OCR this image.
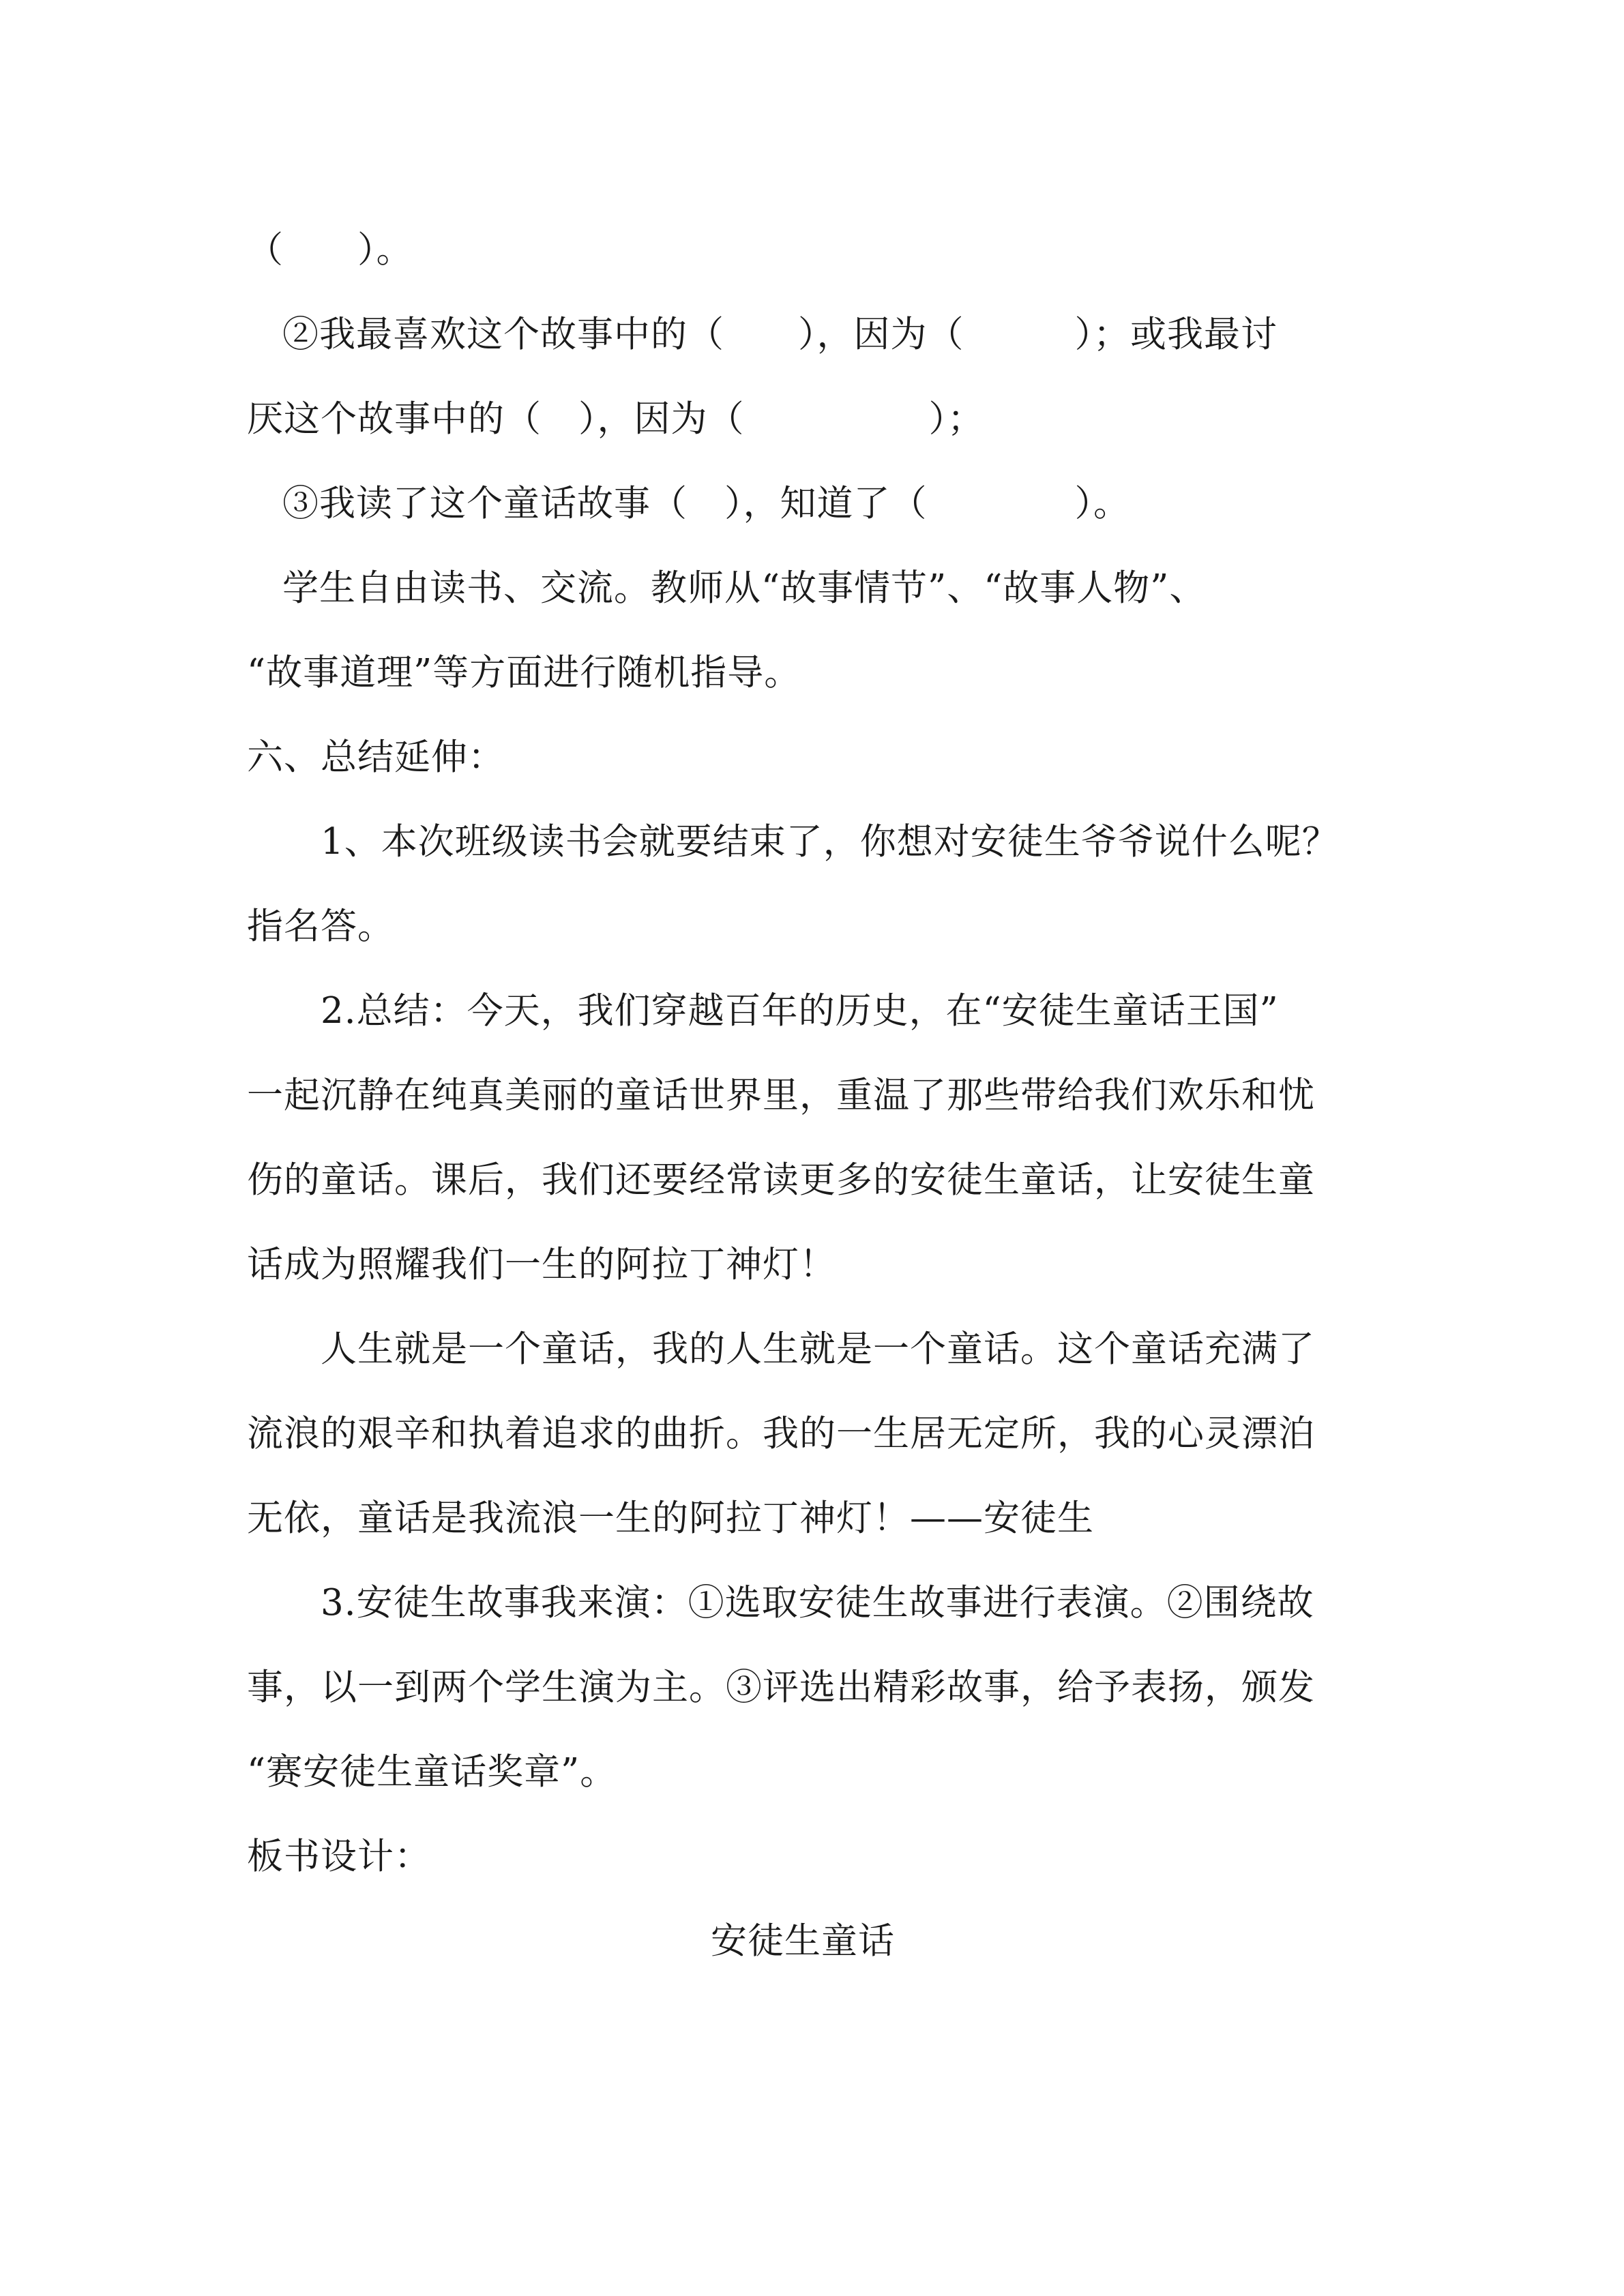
（　　）。
②我最喜欢这个故事中的（　　），因为（　　　）；或我最讨
厌这个故事中的（　），因为（　　　　　）；
③我读了这个童话故事（　），知道了（　　　　）。
学生自由读书、交流。教师从“故事情节”、“故事人物”、
“故事道理”等方面进行随机指导。
六、总结延伸：
1、本次班级读书会就要结束了，你想对安徒生爷爷说什么呢？
指名答。
2.总结：今天，我们穿越百年的历史，在“安徒生童话王国”
一起沉静在纯真美丽的童话世界里，重温了那些带给我们欢乐和忧
伤的童话。课后，我们还要经常读更多的安徒生童话，让安徒生童
话成为照耀我们一生的阿拉丁神灯！
人生就是一个童话，我的人生就是一个童话。这个童话充满了
流浪的艰辛和执着追求的曲折。我的一生居无定所，我的心灵漂泊
无依，童话是我流浪一生的阿拉丁神灯！——安徒生
3.安徒生故事我来演：①选取安徒生故事进行表演。②围绕故
事，以一到两个学生演为主。③评选出精彩故事，给予表扬，颁发
“赛安徒生童话奖章”。
板书设计：
安徒生童话
